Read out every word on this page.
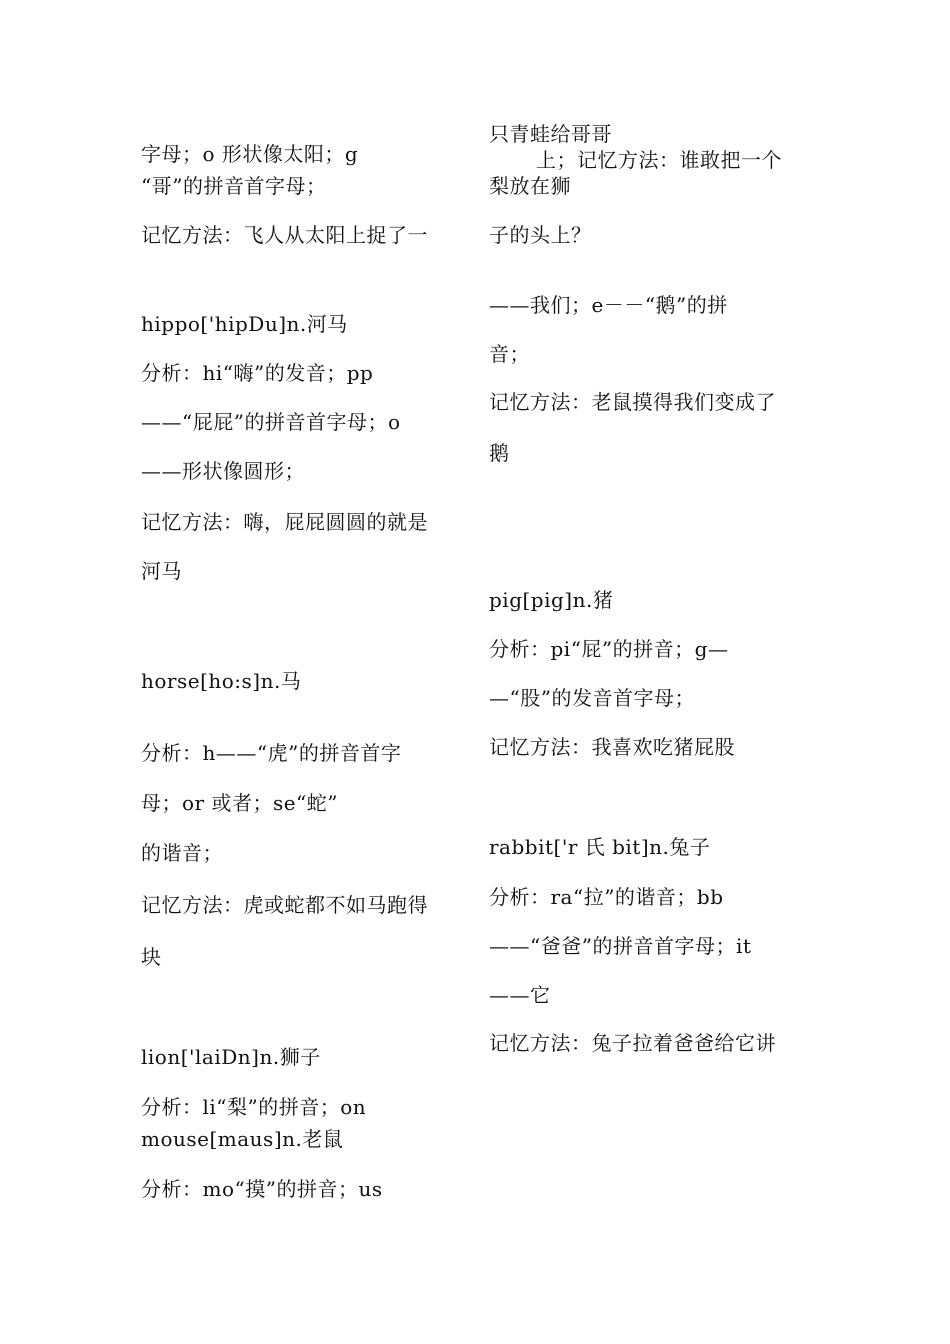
字母；o 形状像太阳；g
“哥”的拼音首字母；
记忆方法：飞人从太阳上捉了一
hippo['hipDu]n.河马
分析：hi“嗨”的发音；pp
——“屁屁”的拼音首字母；o
——形状像圆形；
记忆方法：嗨，屁屁圆圆的就是
河马
horse[ho:s]n.马
分析：h——“虎”的拼音首字
母；or 或者；se“蛇”
的谐音；
记忆方法：虎或蛇都不如马跑得
块
lion['laiDn]n.狮子
分析：li“梨”的拼音；on
mouse[maus]n.老鼠
分析：mo“摸”的拼音；us
只青蛙给哥哥
上；记忆方法：谁敢把一个
梨放在狮
子的头上？
——我们；e－－“鹅”的拼
音；
记忆方法：老鼠摸得我们变成了
鹅
pig[pig]n.猪
分析：pi“屁”的拼音；g—
—“股”的发音首字母；
记忆方法：我喜欢吃猪屁股
rabbit['r 氏 bit]n.兔子
分析：ra“拉”的谐音；bb
——“爸爸”的拼音首字母；it
——它
记忆方法：兔子拉着爸爸给它讲
